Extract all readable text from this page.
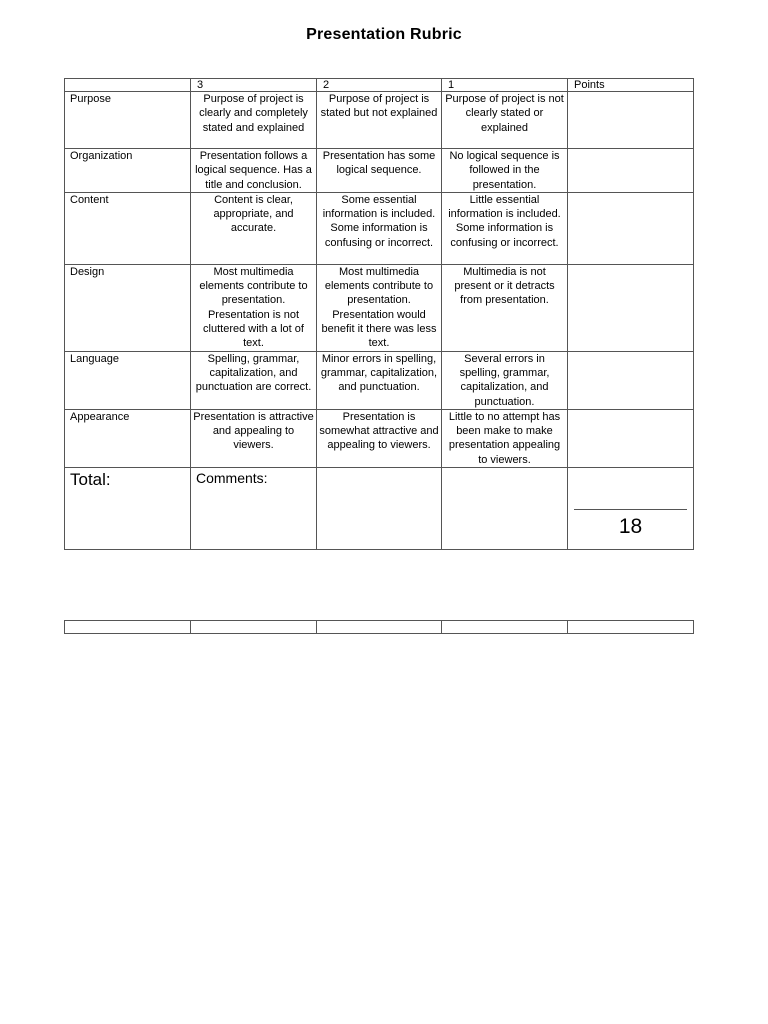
Presentation Rubric
	3	2	1	Points
Purpose	Purpose of project is clearly and completely stated and explained	Purpose of project is stated but not explained	Purpose of project is not clearly stated or explained	
Organization	Presentation follows a logical sequence. Has a title and conclusion.	Presentation has some logical sequence.	No logical sequence is followed in the presentation.	
Content	Content is clear, appropriate, and accurate.	Some essential information is included. Some information is confusing or incorrect.	Little essential information is included. Some information is confusing or incorrect.	
Design	Most multimedia elements contribute to presentation. Presentation is not cluttered with a lot of text.	Most multimedia elements contribute to presentation. Presentation would benefit it there was less text.	Multimedia is not present or it detracts from presentation.	
Language	Spelling, grammar, capitalization, and punctuation are correct.	Minor errors in spelling, grammar, capitalization, and punctuation.	Several errors in spelling, grammar, capitalization, and punctuation.	
Appearance	Presentation is attractive and appealing to viewers.	Presentation is somewhat attractive and appealing to viewers.	Little to no attempt has been make to make presentation appealing to viewers.	

Total:	Comments:			18
